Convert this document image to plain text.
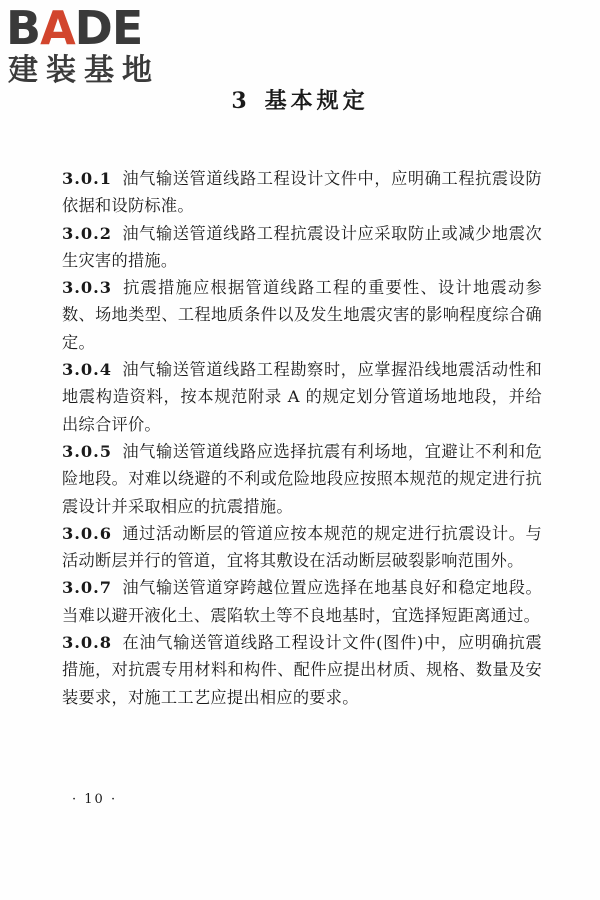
BADE
建装基地
3 基本规定

3.0.1 油气输送管道线路工程设计文件中，应明确工程抗震设防依据和设防标准。

3.0.2 油气输送管道线路工程抗震设计应采取防止或减少地震次生灾害的措施。

3.0.3 抗震措施应根据管道线路工程的重要性、设计地震动参数、场地类型、工程地质条件以及发生地震灾害的影响程度综合确定。

3.0.4 油气输送管道线路工程勘察时，应掌握沿线地震活动性和地震构造资料，按本规范附录 A 的规定划分管道场地地段，并给出综合评价。

3.0.5 油气输送管道线路应选择抗震有利场地，宜避让不利和危险地段。对难以绕避的不利或危险地段应按照本规范的规定进行抗震设计并采取相应的抗震措施。

3.0.6 通过活动断层的管道应按本规范的规定进行抗震设计。与活动断层并行的管道，宜将其敷设在活动断层破裂影响范围外。

3.0.7 油气输送管道穿跨越位置应选择在地基良好和稳定地段。当难以避开液化土、震陷软土等不良地基时，宜选择短距离通过。

3.0.8 在油气输送管道线路工程设计文件(图件)中，应明确抗震措施，对抗震专用材料和构件、配件应提出材质、规格、数量及安装要求，对施工工艺应提出相应的要求。

· 10 ·
